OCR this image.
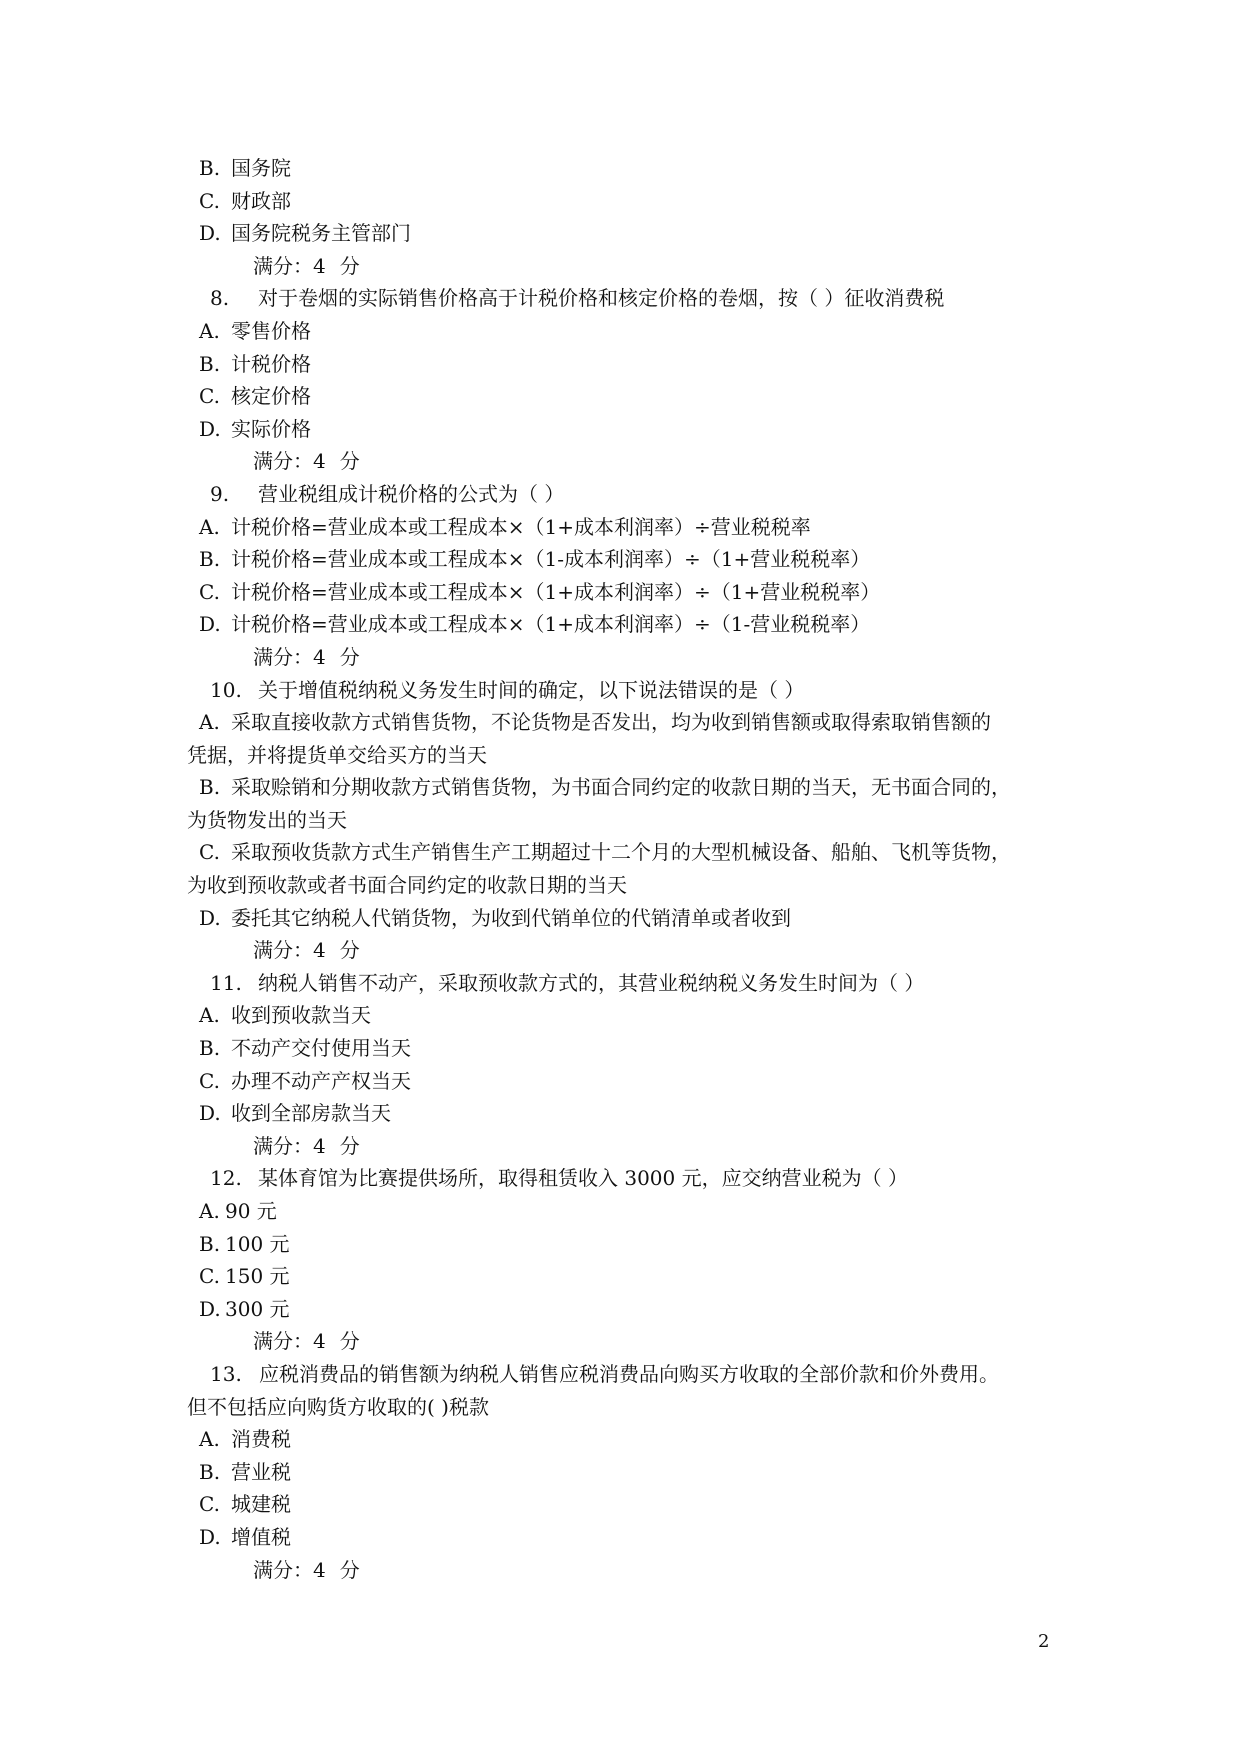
B. 国务院
C. 财政部
D. 国务院税务主管部门
满分：4 分
8. 对于卷烟的实际销售价格高于计税价格和核定价格的卷烟，按（ ）征收消费税
A. 零售价格
B. 计税价格
C. 核定价格
D. 实际价格
满分：4 分
9. 营业税组成计税价格的公式为（ ）
A. 计税价格=营业成本或工程成本×（1+成本利润率）÷营业税税率
B. 计税价格=营业成本或工程成本×（1-成本利润率）÷（1+营业税税率）
C. 计税价格=营业成本或工程成本×（1+成本利润率）÷（1+营业税税率）
D. 计税价格=营业成本或工程成本×（1+成本利润率）÷（1-营业税税率）
满分：4 分
10. 关于增值税纳税义务发生时间的确定，以下说法错误的是（ ）
A. 采取直接收款方式销售货物，不论货物是否发出，均为收到销售额或取得索取销售额的
凭据，并将提货单交给买方的当天
B. 采取赊销和分期收款方式销售货物，为书面合同约定的收款日期的当天，无书面合同的，
为货物发出的当天
C. 采取预收货款方式生产销售生产工期超过十二个月的大型机械设备、船舶、飞机等货物，
为收到预收款或者书面合同约定的收款日期的当天
D. 委托其它纳税人代销货物，为收到代销单位的代销清单或者收到
满分：4 分
11. 纳税人销售不动产，采取预收款方式的，其营业税纳税义务发生时间为（ ）
A. 收到预收款当天
B. 不动产交付使用当天
C. 办理不动产产权当天
D. 收到全部房款当天
满分：4 分
12. 某体育馆为比赛提供场所，取得租赁收入 3000 元，应交纳营业税为（ ）
A. 90 元
B. 100 元
C. 150 元
D. 300 元
满分：4 分
13. 应税消费品的销售额为纳税人销售应税消费品向购买方收取的全部价款和价外费用。
但不包括应向购货方收取的( )税款
A. 消费税
B. 营业税
C. 城建税
D. 增值税
满分：4 分
2
